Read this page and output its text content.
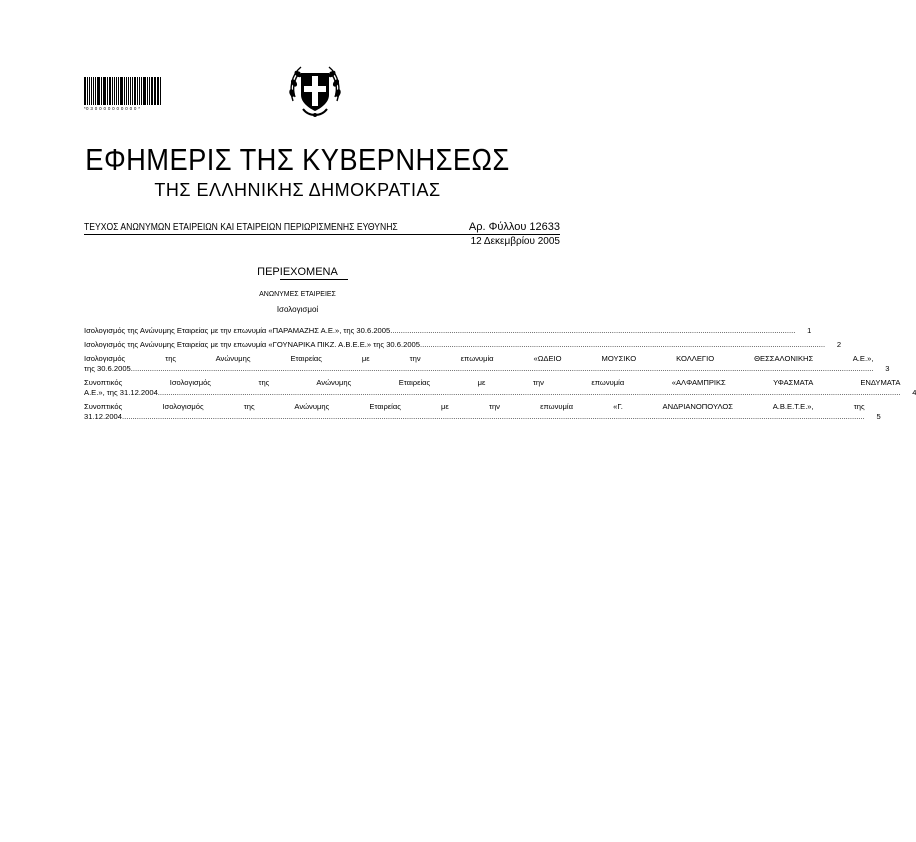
*0 3 0 0 0 0 0 0 0 0 0 0 *
ΕΦΗΜΕΡΙΣ ΤΗΣ ΚΥΒΕΡΝΗΣΕΩΣ
ΤΗΣ ΕΛΛΗΝΙΚΗΣ ΔΗΜΟΚΡΑΤΙΑΣ
ΤΕΥΧΟΣ ΑΝΩΝΥΜΩΝ ΕΤΑΙΡΕΙΩΝ ΚΑΙ ΕΤΑΙΡΕΙΩΝ ΠΕΡΙΩΡΙΣΜΕΝΗΣ ΕΥΘΥΝΗΣ	Αρ. Φύλλου 12633
12 Δεκεμβρίου 2005
ΠΕΡΙΕΧΟΜΕΝΑ
ΑΝΩΝΥΜΕΣ ΕΤΑΙΡΕΙΕΣ
Ισολογισμοί
Ισολογισμός της Ανώνυμης Εταιρείας με την επωνυμία «ΠΑΡΑΜΑΖΗΣ Α.Ε.», της 30.6.2005 .....	1
Ισολογισμός της Ανώνυμης Εταιρείας με την επωνυμία «ΓΟΥΝΑΡΙΚΑ ΠΙΚΖ. Α.Β.Ε.Ε.» της 30.6.2005 .....	2
Ισολογισμός της Ανώνυμης Εταιρείας με την επωνυμία «ΩΔΕΙΟ ΜΟΥΣΙΚΟ ΚΟΛΛΕΓΙΟ ΘΕΣΣΑΛΟΝΙΚΗΣ Α.Ε.»,
της 30.6.2005 .....	3
Συνοπτικός Ισολογισμός της Ανώνυμης Εταιρείας με την επωνυμία «ΑΛΦΑΜΠΡΙΚΣ ΥΦΑΣΜΑΤΑ ΕΝΔΥΜΑΤΑ
Α.Ε.», της 31.12.2004 .....	4
Συνοπτικός Ισολογισμός της Ανώνυμης Εταιρείας με την επωνυμία «Γ. ΑΝΔΡΙΑΝΟΠΟΥΛΟΣ Α.Β.Ε.Τ.Ε.», της
31.12.2004 .....	5
